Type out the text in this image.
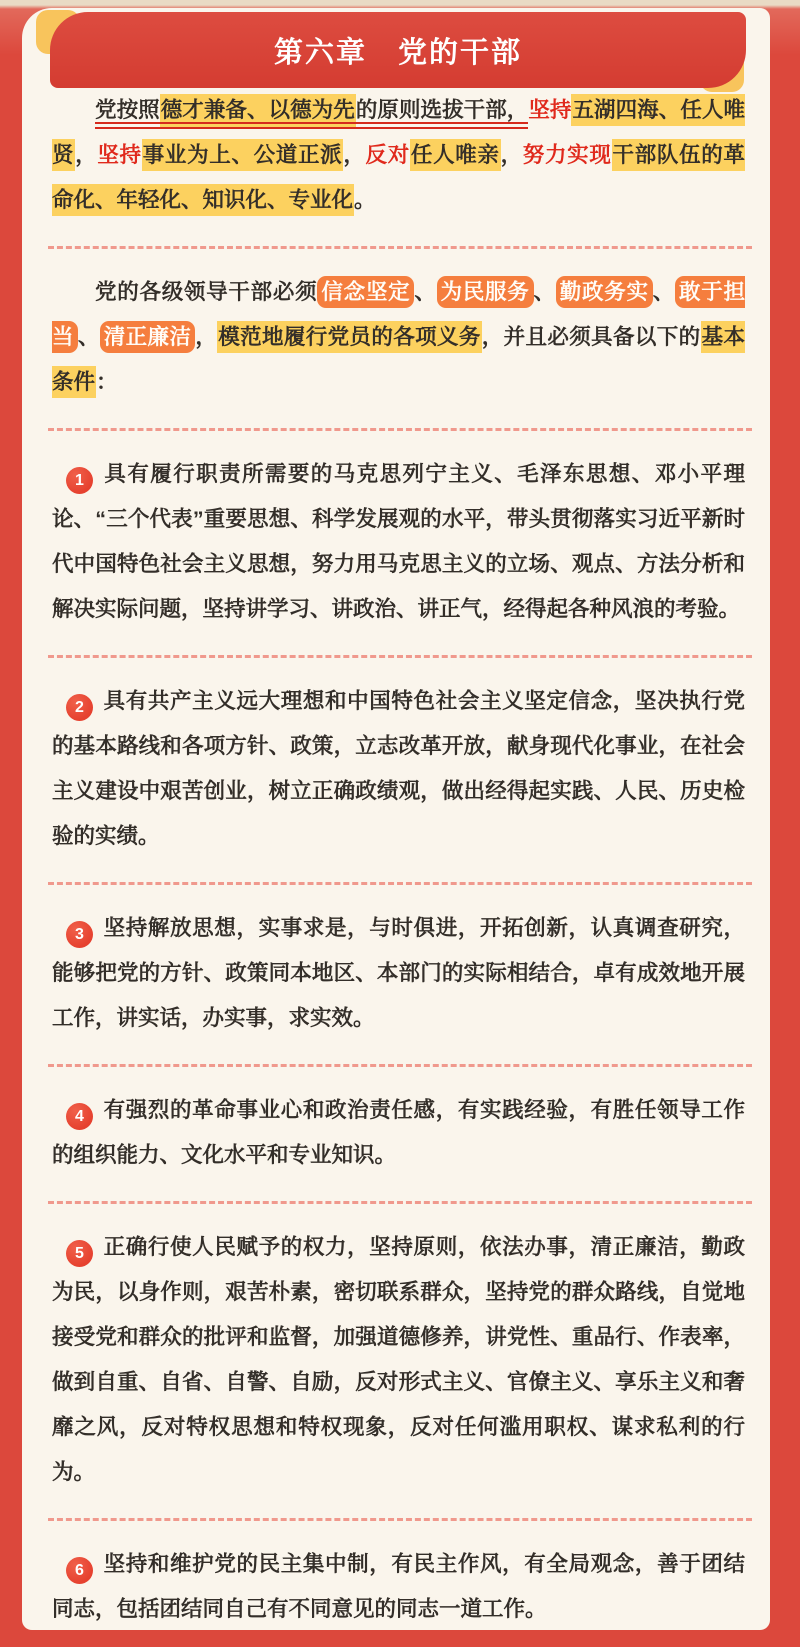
第六章　党的干部

党按照德才兼备、以德为先的原则选拔干部，坚持五湖四海、任人唯贤，坚持事业为上、公道正派，反对任人唯亲，努力实现干部队伍的革命化、年轻化、知识化、专业化。

党的各级领导干部必须 信念坚定 、 为民服务 、 勤政务实 、 敢于担当 、 清正廉洁 ，模范地履行党员的各项义务，并且必须具备以下的基本条件：

1 具有履行职责所需要的马克思列宁主义、毛泽东思想、邓小平理论、“三个代表”重要思想、科学发展观的水平，带头贯彻落实习近平新时代中国特色社会主义思想，努力用马克思主义的立场、观点、方法分析和解决实际问题，坚持讲学习、讲政治、讲正气，经得起各种风浪的考验。

2 具有共产主义远大理想和中国特色社会主义坚定信念，坚决执行党的基本路线和各项方针、政策，立志改革开放，献身现代化事业，在社会主义建设中艰苦创业，树立正确政绩观，做出经得起实践、人民、历史检验的实绩。

3 坚持解放思想，实事求是，与时俱进，开拓创新，认真调查研究，能够把党的方针、政策同本地区、本部门的实际相结合，卓有成效地开展工作，讲实话，办实事，求实效。

4 有强烈的革命事业心和政治责任感，有实践经验，有胜任领导工作的组织能力、文化水平和专业知识。

5 正确行使人民赋予的权力，坚持原则，依法办事，清正廉洁，勤政为民，以身作则，艰苦朴素，密切联系群众，坚持党的群众路线，自觉地接受党和群众的批评和监督，加强道德修养，讲党性、重品行、作表率，做到自重、自省、自警、自励，反对形式主义、官僚主义、享乐主义和奢靡之风，反对特权思想和特权现象，反对任何滥用职权、谋求私利的行为。

6 坚持和维护党的民主集中制，有民主作风，有全局观念，善于团结同志，包括团结同自己有不同意见的同志一道工作。
